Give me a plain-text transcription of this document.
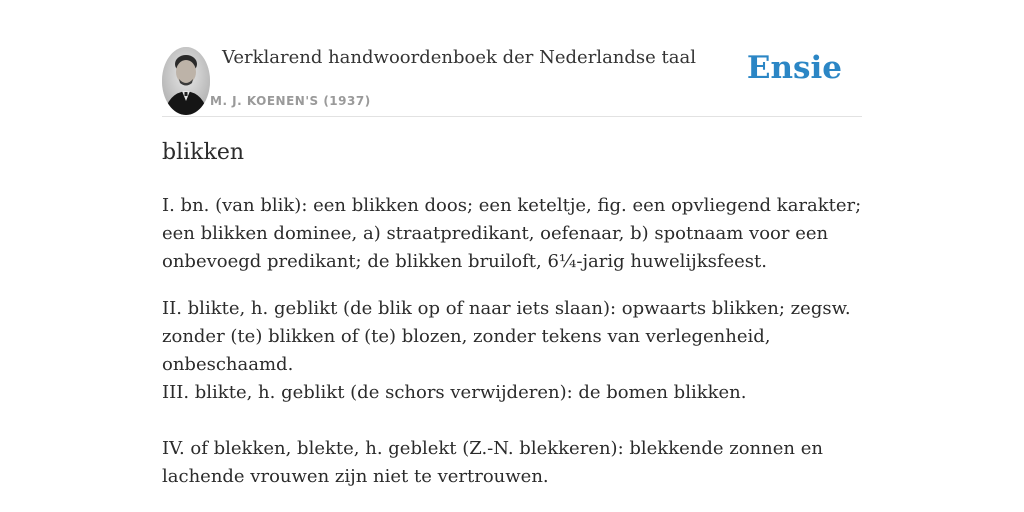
Verklarend handwoordenboek der Nederlandse taal
M. J. KOENEN'S (1937)
Ensie
blikken

I. bn. (van blik): een blikken doos; een keteltje, fig. een opvliegend karakter; een blikken dominee, a) straatpredikant, oefenaar, b) spotnaam voor een onbevoegd predikant; de blikken bruiloft, 6¼-jarig huwelijksfeest.

II. blikte, h. geblikt (de blik op of naar iets slaan): opwaarts blikken; zegsw. zonder (te) blikken of (te) blozen, zonder tekens van verlegenheid, onbeschaamd.

III. blikte, h. geblikt (de schors verwijderen): de bomen blikken.

IV. of blekken, blekte, h. geblekt (Z.-N. blekkeren): blekkende zonnen en lachende vrouwen zijn niet te vertrouwen.
